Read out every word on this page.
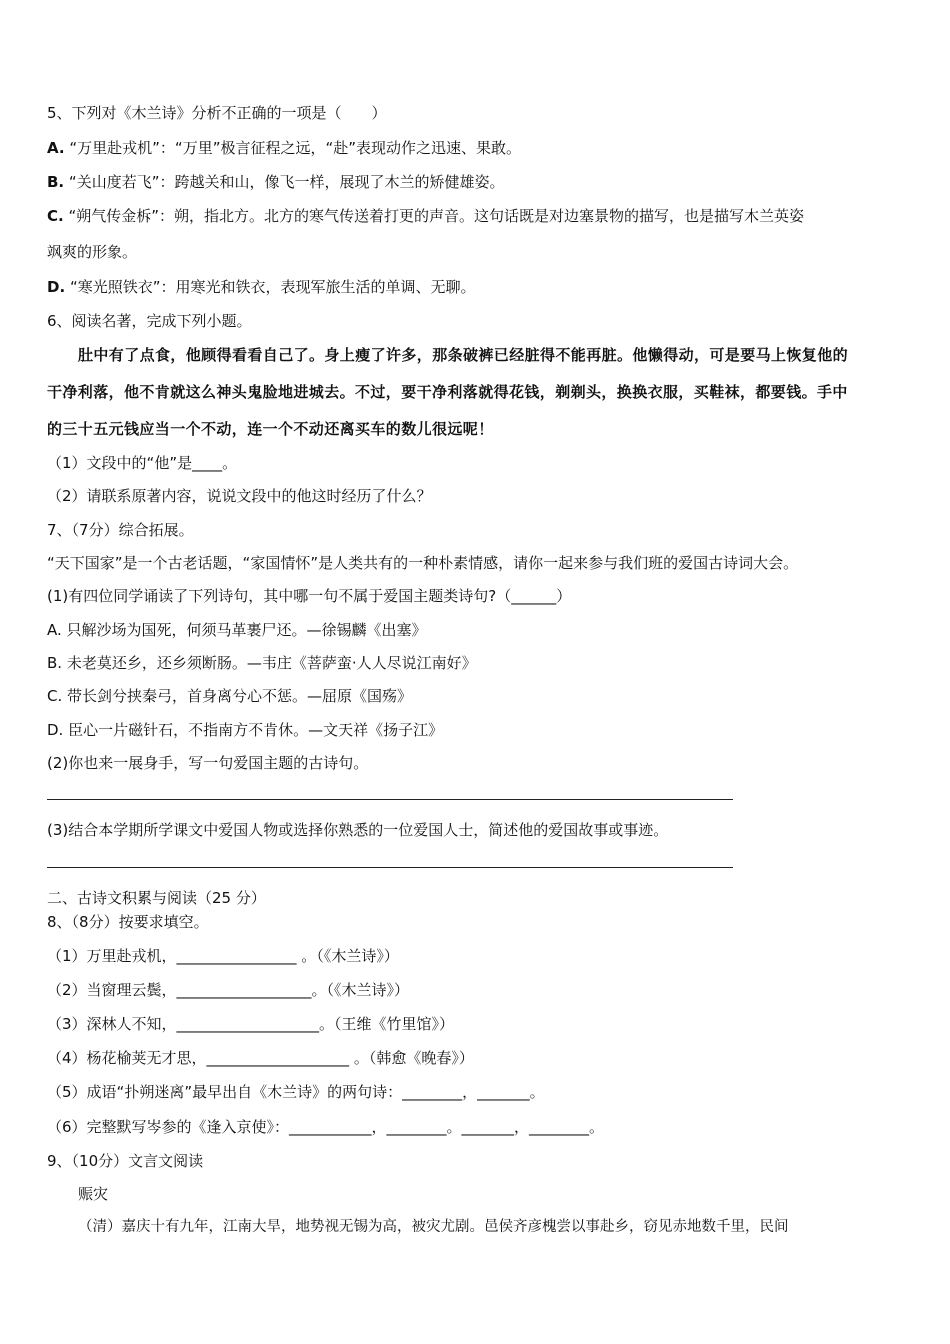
5、下列对《木兰诗》分析不正确的一项是（　　）
A. “万里赴戎机”：“万里”极言征程之远，“赴”表现动作之迅速、果敢。
B. “关山度若飞”：跨越关和山，像飞一样，展现了木兰的矫健雄姿。
C. “朔气传金柝”：朔，指北方。北方的寒气传送着打更的声音。这句话既是对边塞景物的描写，也是描写木兰英姿
飒爽的形象。
D. “寒光照铁衣”：用寒光和铁衣，表现军旅生活的单调、无聊。
6、阅读名著，完成下列小题。
肚中有了点食，他顾得看看自己了。身上瘦了许多，那条破裤已经脏得不能再脏。他懒得动，可是要马上恢复他的
干净利落，他不肯就这么神头鬼脸地进城去。不过，要干净利落就得花钱，剃剃头，换换衣服，买鞋袜，都要钱。手中
的三十五元钱应当一个不动，连一个不动还离买车的数儿很远呢！
（1）文段中的“他”是____。
（2）请联系原著内容，说说文段中的他这时经历了什么？
7、（7分）综合拓展。
“天下国家”是一个古老话题，“家国情怀”是人类共有的一种朴素情感，请你一起来参与我们班的爱国古诗词大会。
(1)有四位同学诵读了下列诗句，其中哪一句不属于爱国主题类诗句?（______）
A. 只解沙场为国死，何须马革裹尸还。—徐锡麟《出塞》
B. 未老莫还乡，还乡须断肠。—韦庄《菩萨蛮·人人尽说江南好》
C. 带长剑兮挟秦弓，首身离兮心不惩。—屈原《国殇》
D. 臣心一片磁针石，不指南方不肯休。—文天祥《扬子江》
(2)你也来一展身手，写一句爱国主题的古诗句。
(3)结合本学期所学课文中爱国人物或选择你熟悉的一位爱国人士，简述他的爱国故事或事迹。
二、古诗文积累与阅读（25 分）
8、（8分）按要求填空。
（1）万里赴戎机，________________ 。（《木兰诗》）
（2）当窗理云鬓，__________________。（《木兰诗》）
（3）深林人不知，___________________。（王维《竹里馆》）
（4）杨花榆荚无才思，___________________ 。（韩愈《晚春》）
（5）成语“扑朔迷离”最早出自《木兰诗》的两句诗：________，_______。
（6）完整默写岑参的《逢入京使》：___________，________。_______，________。
9、（10分）文言文阅读
赈灾
（清）嘉庆十有九年，江南大旱，地势视无锡为高，被灾尤剧。邑侯齐彦槐尝以事赴乡，窃见赤地数千里，民间
